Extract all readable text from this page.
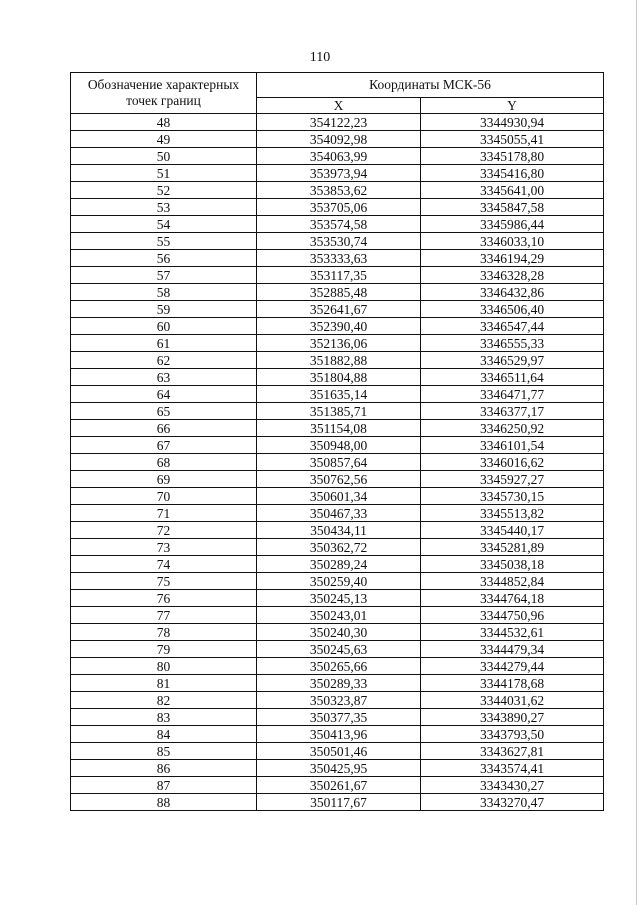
110
Обозначение характерных точек границ	Координаты МСК-56	
	X	Y
48	354122,23	3344930,94
49	354092,98	3345055,41
50	354063,99	3345178,80
51	353973,94	3345416,80
52	353853,62	3345641,00
53	353705,06	3345847,58
54	353574,58	3345986,44
55	353530,74	3346033,10
56	353333,63	3346194,29
57	353117,35	3346328,28
58	352885,48	3346432,86
59	352641,67	3346506,40
60	352390,40	3346547,44
61	352136,06	3346555,33
62	351882,88	3346529,97
63	351804,88	3346511,64
64	351635,14	3346471,77
65	351385,71	3346377,17
66	351154,08	3346250,92
67	350948,00	3346101,54
68	350857,64	3346016,62
69	350762,56	3345927,27
70	350601,34	3345730,15
71	350467,33	3345513,82
72	350434,11	3345440,17
73	350362,72	3345281,89
74	350289,24	3345038,18
75	350259,40	3344852,84
76	350245,13	3344764,18
77	350243,01	3344750,96
78	350240,30	3344532,61
79	350245,63	3344479,34
80	350265,66	3344279,44
81	350289,33	3344178,68
82	350323,87	3344031,62
83	350377,35	3343890,27
84	350413,96	3343793,50
85	350501,46	3343627,81
86	350425,95	3343574,41
87	350261,67	3343430,27
88	350117,67	3343270,47
